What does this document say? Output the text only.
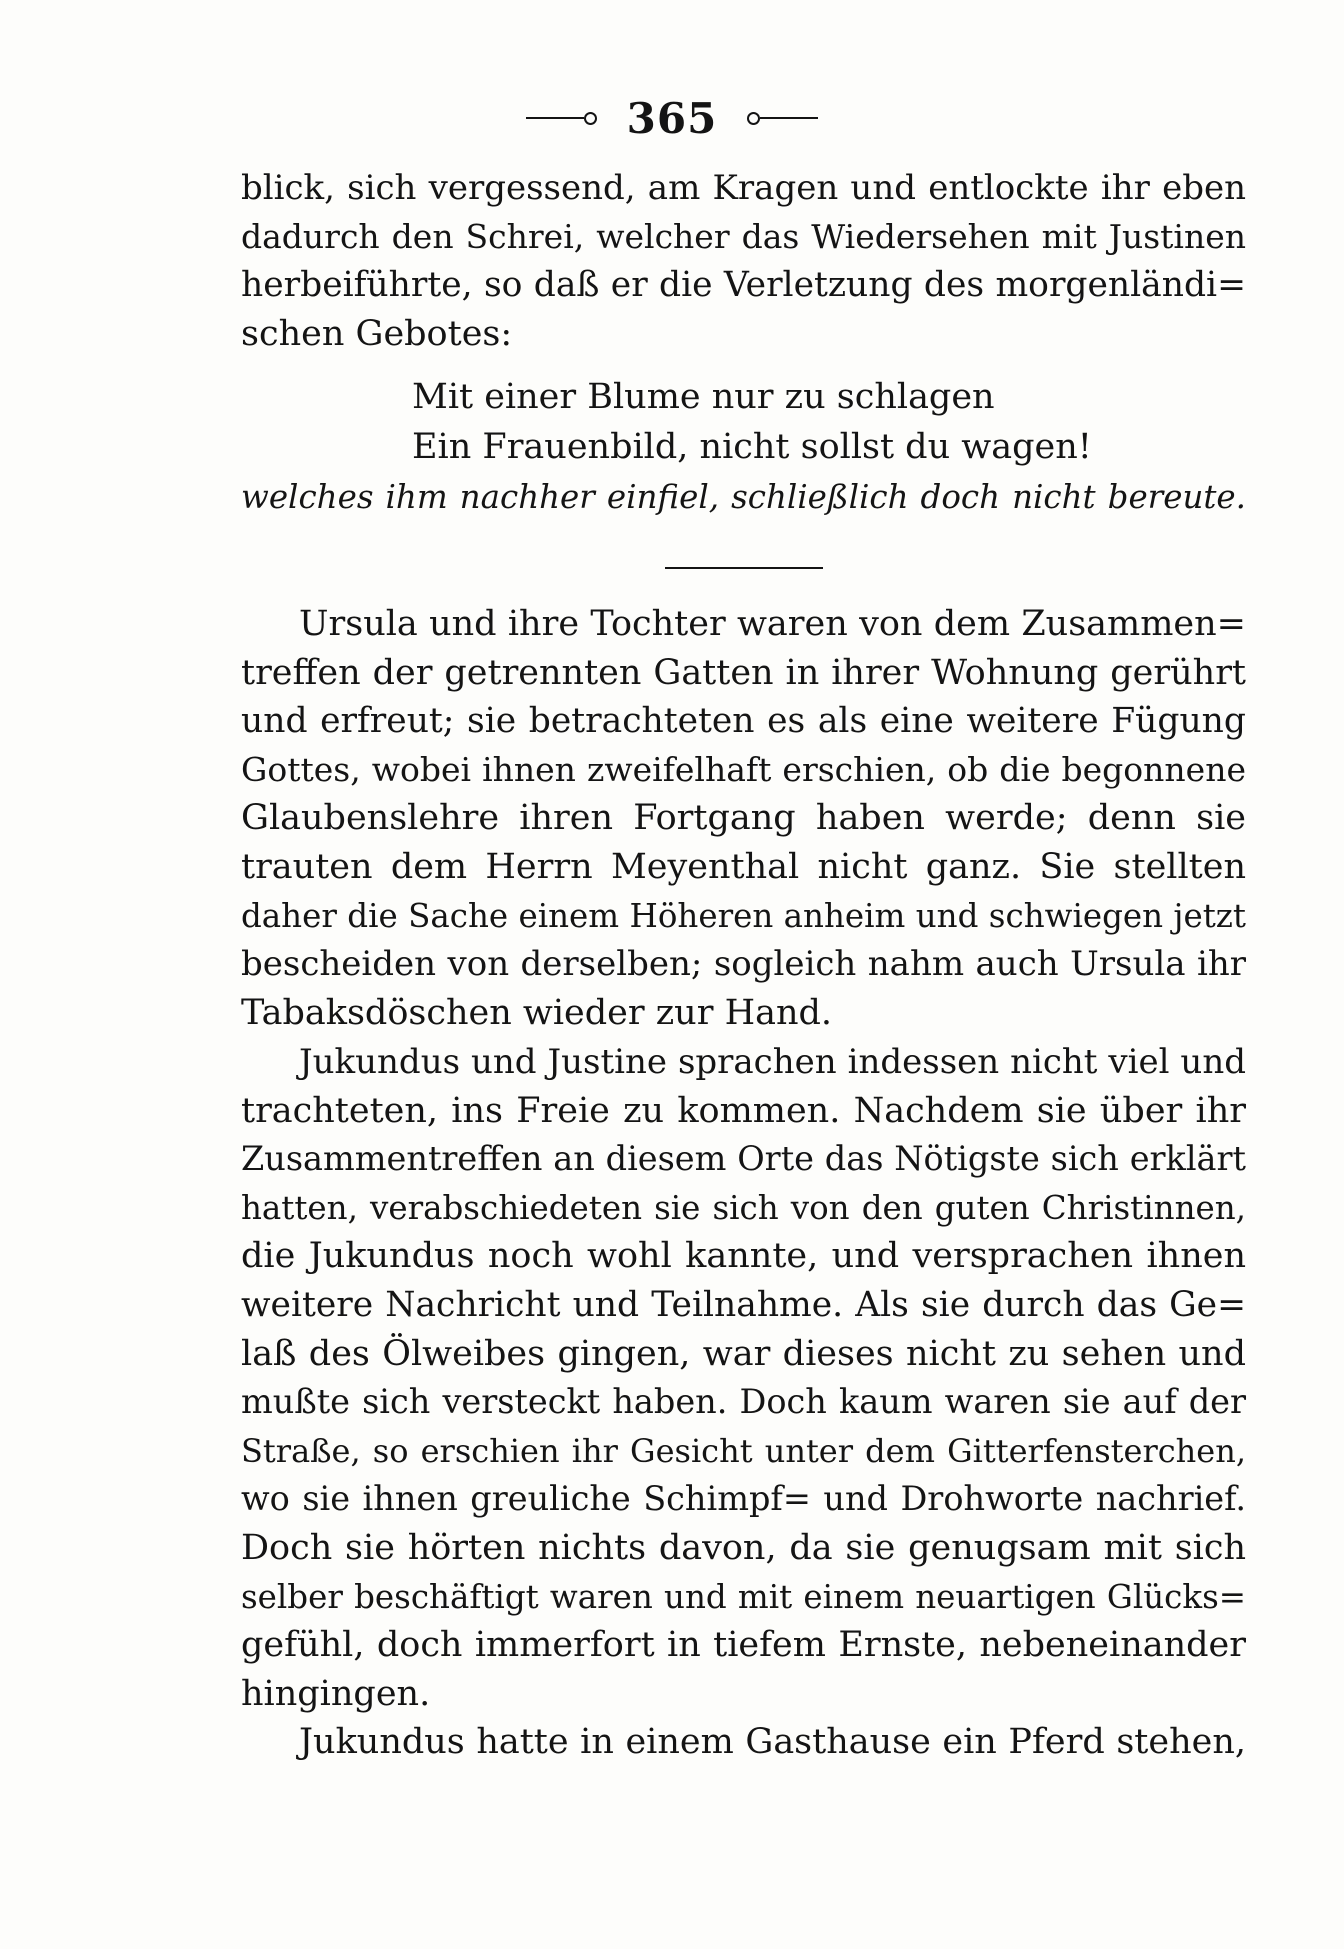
365
blick, sich vergessend, am Kragen und entlockte ihr eben
dadurch den Schrei, welcher das Wiedersehen mit Justinen
herbeiführte, so daß er die Verletzung des morgenländi=
schen Gebotes:
Mit einer Blume nur zu schlagen
Ein Frauenbild, nicht sollst du wagen!
welches ihm nachher einfiel, schließlich doch nicht bereute.
Ursula und ihre Tochter waren von dem Zusammen=
treffen der getrennten Gatten in ihrer Wohnung gerührt
und erfreut; sie betrachteten es als eine weitere Fügung
Gottes, wobei ihnen zweifelhaft erschien, ob die begonnene
Glaubenslehre ihren Fortgang haben werde; denn sie
trauten dem Herrn Meyenthal nicht ganz. Sie stellten
daher die Sache einem Höheren anheim und schwiegen jetzt
bescheiden von derselben; sogleich nahm auch Ursula ihr
Tabaksdöschen wieder zur Hand.
Jukundus und Justine sprachen indessen nicht viel und
trachteten, ins Freie zu kommen. Nachdem sie über ihr
Zusammentreffen an diesem Orte das Nötigste sich erklärt
hatten, verabschiedeten sie sich von den guten Christinnen,
die Jukundus noch wohl kannte, und versprachen ihnen
weitere Nachricht und Teilnahme. Als sie durch das Ge=
laß des Ölweibes gingen, war dieses nicht zu sehen und
mußte sich versteckt haben. Doch kaum waren sie auf der
Straße, so erschien ihr Gesicht unter dem Gitterfensterchen,
wo sie ihnen greuliche Schimpf= und Drohworte nachrief.
Doch sie hörten nichts davon, da sie genugsam mit sich
selber beschäftigt waren und mit einem neuartigen Glücks=
gefühl, doch immerfort in tiefem Ernste, nebeneinander
hingingen.
Jukundus hatte in einem Gasthause ein Pferd stehen,
